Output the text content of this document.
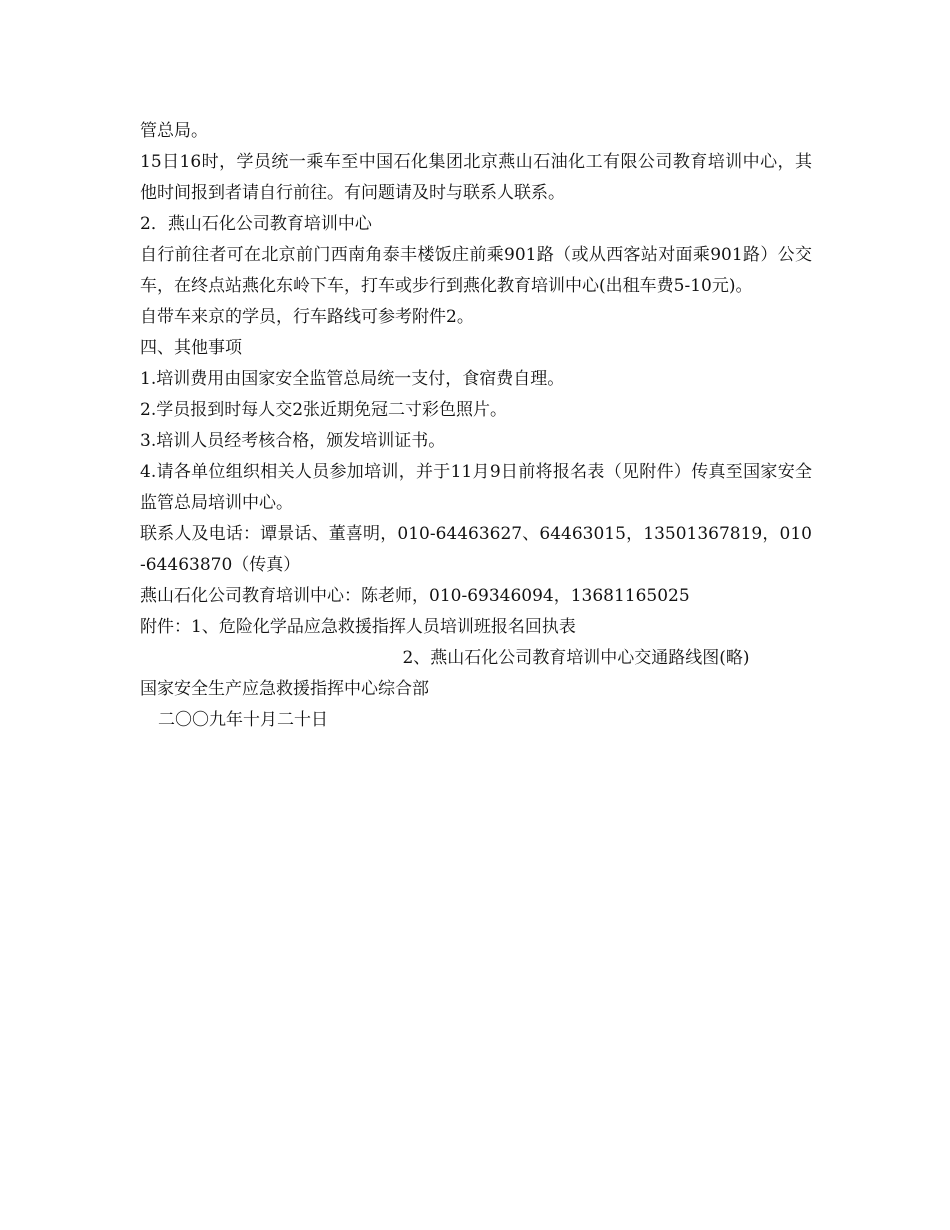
管总局。

15日16时，学员统一乘车至中国石化集团北京燕山石油化工有限公司教育培训中心，其他时间报到者请自行前往。有问题请及时与联系人联系。

2．燕山石化公司教育培训中心

自行前往者可在北京前门西南角泰丰楼饭庄前乘901路（或从西客站对面乘901路）公交车，在终点站燕化东岭下车，打车或步行到燕化教育培训中心(出租车费5-10元)。

自带车来京的学员，行车路线可参考附件2。

四、其他事项

1.培训费用由国家安全监管总局统一支付，食宿费自理。

2.学员报到时每人交2张近期免冠二寸彩色照片。

3.培训人员经考核合格，颁发培训证书。

4.请各单位组织相关人员参加培训，并于11月9日前将报名表（见附件）传真至国家安全监管总局培训中心。

联系人及电话：谭景话、董喜明，010-64463627、64463015，13501367819，010-64463870（传真）

燕山石化公司教育培训中心：陈老师，010-69346094，13681165025

附件：1、危险化学品应急救援指挥人员培训班报名回执表

2、燕山石化公司教育培训中心交通路线图(略)

国家安全生产应急救援指挥中心综合部

二〇〇九年十月二十日
